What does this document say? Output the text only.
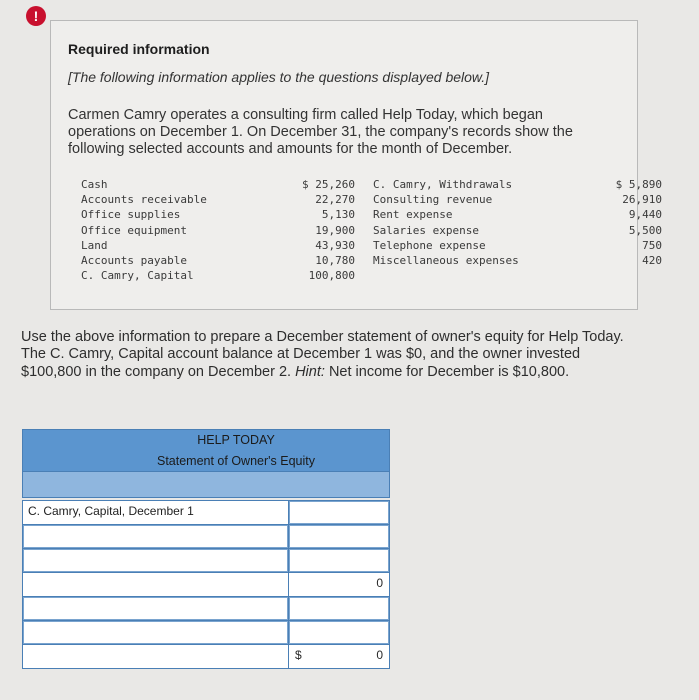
!
Required information
[The following information applies to the questions displayed below.]
Carmen Camry operates a consulting firm called Help Today, which began operations on December 1. On December 31, the company's records show the following selected accounts and amounts for the month of December.
Cash
Accounts receivable
Office supplies
Office equipment
Land
Accounts payable
C. Camry, Capital
$ 25,260
22,270
5,130
19,900
43,930
10,780
100,800
C. Camry, Withdrawals
Consulting revenue
Rent expense
Salaries expense
Telephone expense
Miscellaneous expenses
$ 5,890
26,910
9,440
5,500
750
420
Use the above information to prepare a December statement of owner's equity for Help Today. The C. Camry, Capital account balance at December 1 was $0, and the owner invested $100,800 in the company on December 2. Hint: Net income for December is $10,800.
HELP TODAY
Statement of Owner's Equity
C. Camry, Capital, December 1
0
$	0
